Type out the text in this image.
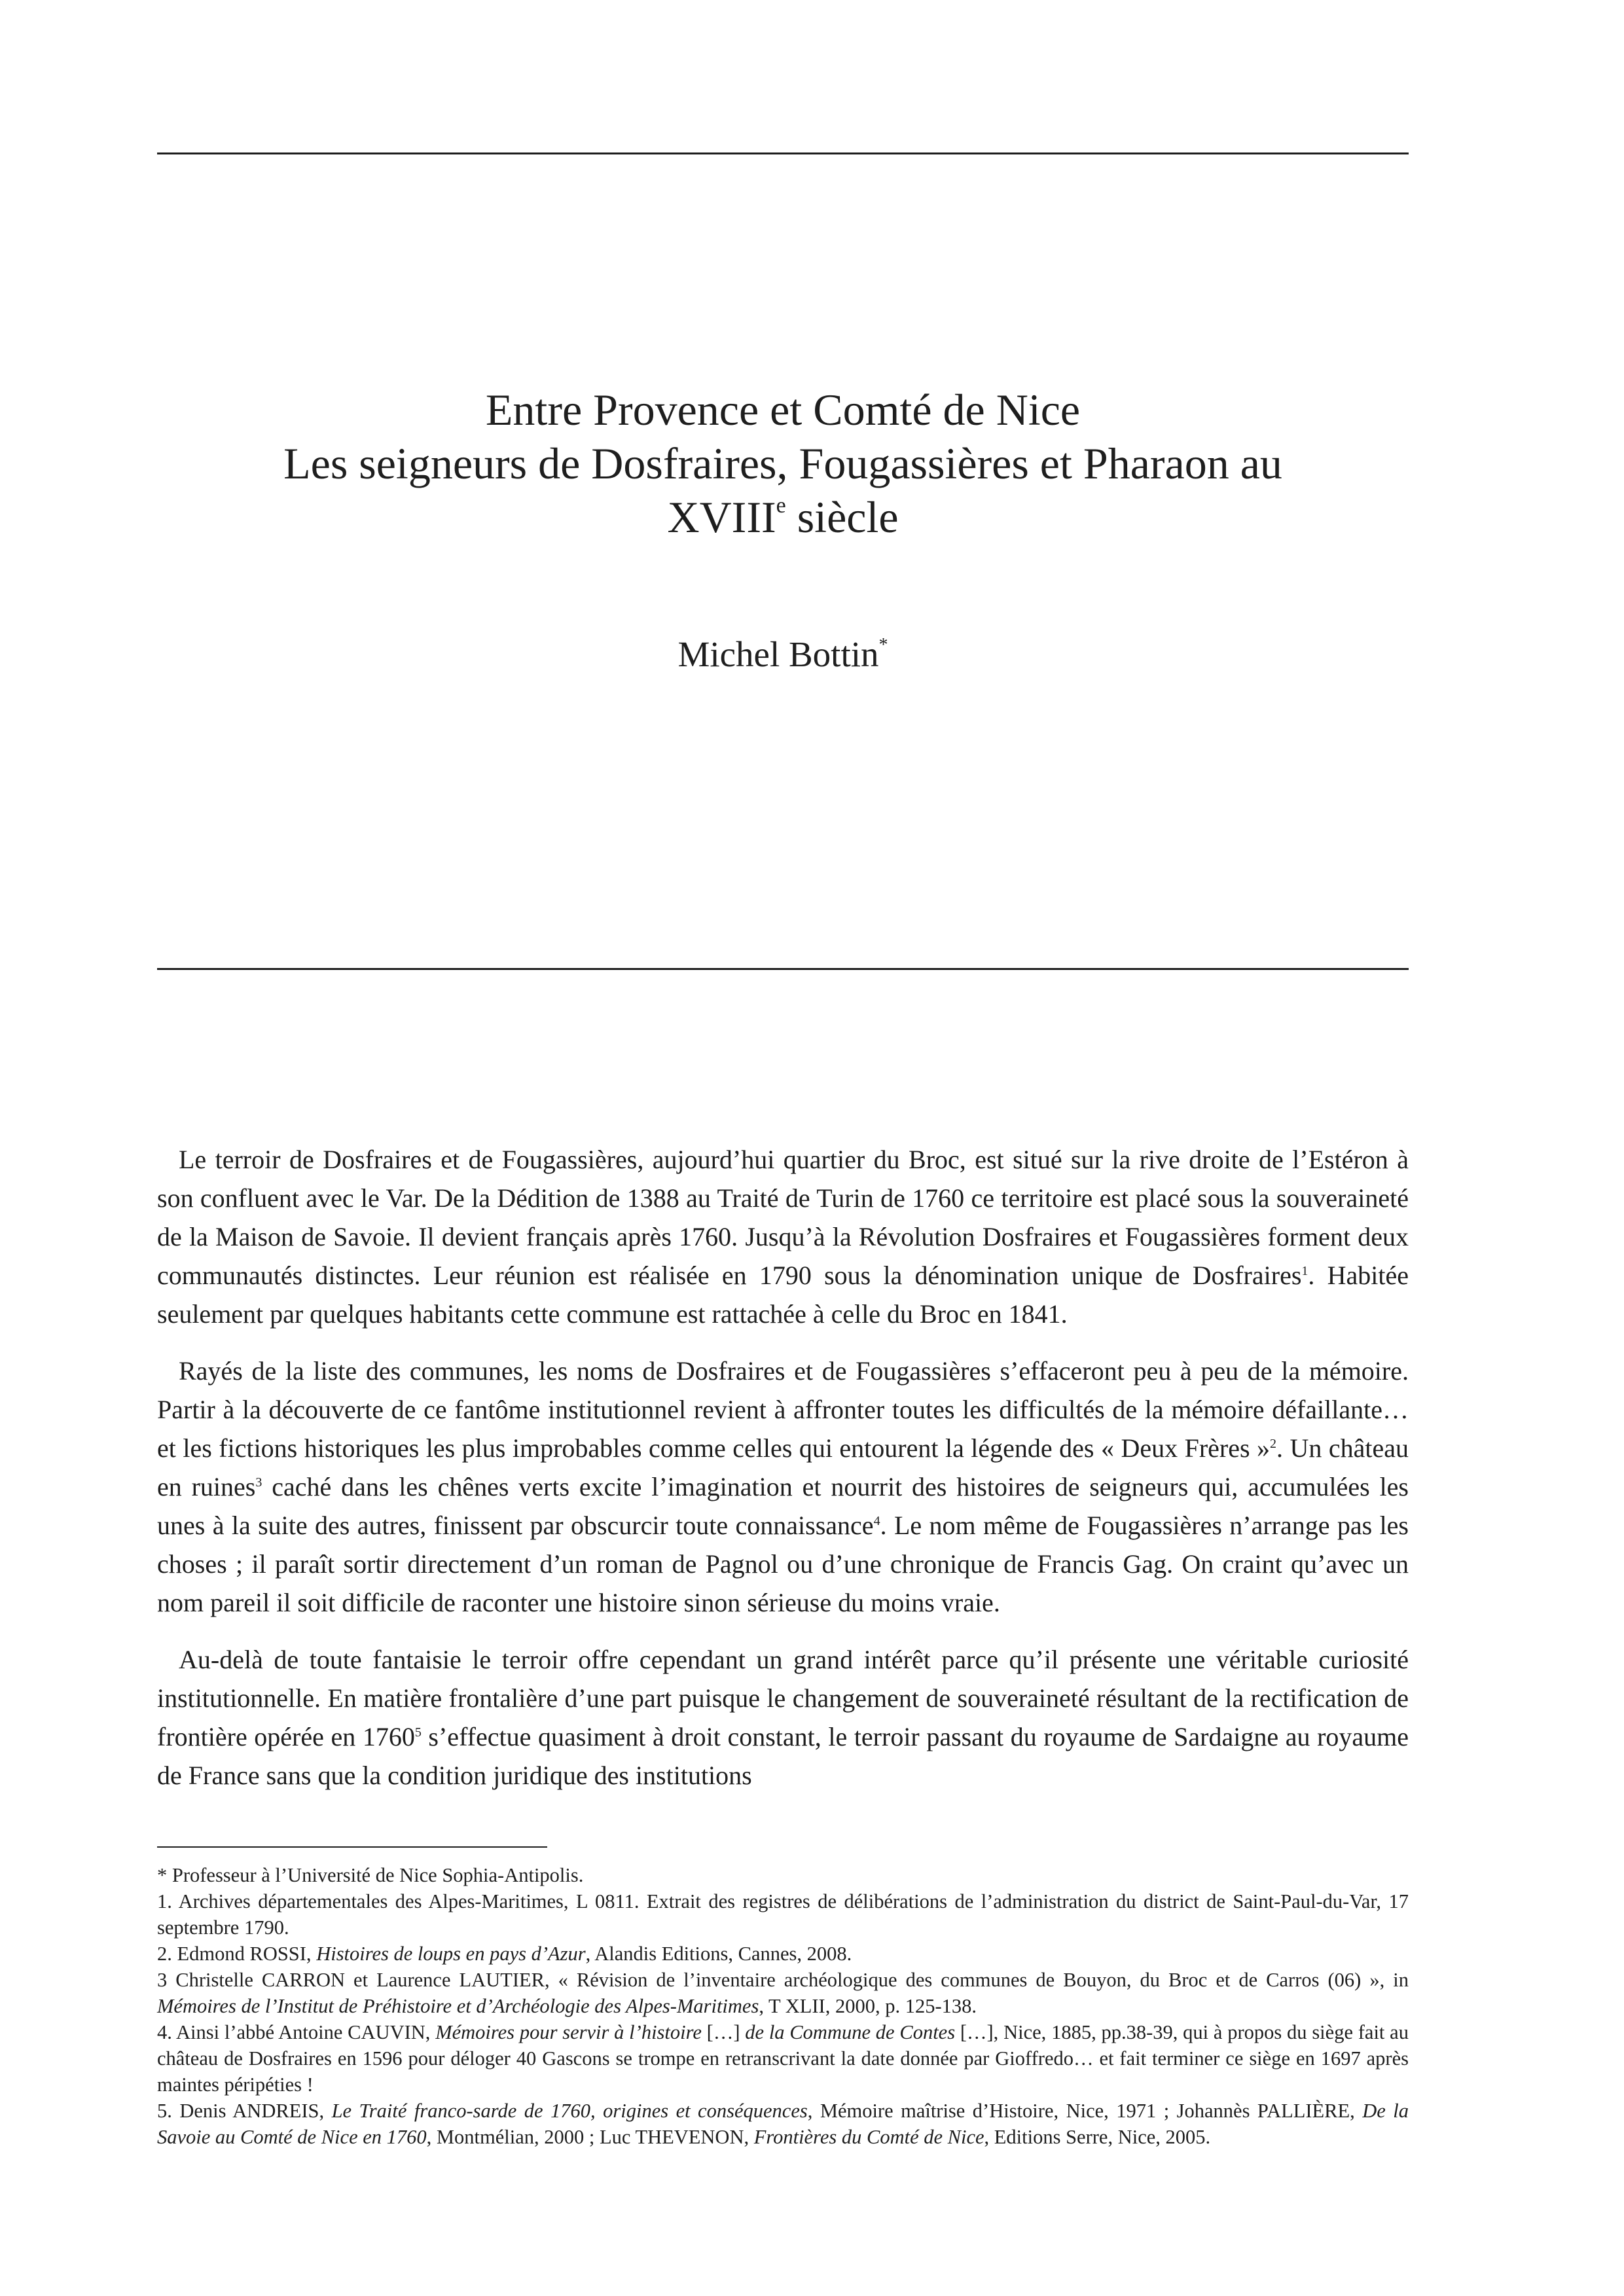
Entre Provence et Comté de Nice
Les seigneurs de Dosfraires, Fougassières et Pharaon au
XVIIIe siècle

Michel Bottin*

Le terroir de Dosfraires et de Fougassières, aujourd’hui quartier du Broc, est situé sur la rive droite de l’Estéron à son confluent avec le Var. De la Dédition de 1388 au Traité de Turin de 1760 ce territoire est placé sous la souveraineté de la Maison de Savoie. Il devient français après 1760. Jusqu’à la Révolution Dosfraires et Fougassières forment deux communautés distinctes. Leur réunion est réalisée en 1790 sous la dénomination unique de Dosfraires$^1$. Habitée seulement par quelques habitants cette commune est rattachée à celle du Broc en 1841.

Rayés de la liste des communes, les noms de Dosfraires et de Fougassières s’effaceront peu à peu de la mémoire. Partir à la découverte de ce fantôme institutionnel revient à affronter toutes les difficultés de la mémoire défaillante… et les fictions historiques les plus improbables comme celles qui entourent la légende des « Deux Frères »$^2$. Un château en ruines$^3$ caché dans les chênes verts excite l’imagination et nourrit des histoires de seigneurs qui, accumulées les unes à la suite des autres, finissent par obscurcir toute connaissance$^4$. Le nom même de Fougassières n’arrange pas les choses ; il paraît sortir directement d’un roman de Pagnol ou d’une chronique de Francis Gag. On craint qu’avec un nom pareil il soit difficile de raconter une histoire sinon sérieuse du moins vraie.

Au-delà de toute fantaisie le terroir offre cependant un grand intérêt parce qu’il présente une véritable curiosité institutionnelle. En matière frontalière d’une part puisque le changement de souveraineté résultant de la rectification de frontière opérée en 1760$^5$ s’effectue quasiment à droit constant, le terroir passant du royaume de Sardaigne au royaume de France sans que la condition juridique des institutions

* Professeur à l’Université de Nice Sophia-Antipolis.

1. Archives départementales des Alpes-Maritimes, L 0811. Extrait des registres de délibérations de l’administration du district de Saint-Paul-du-Var, 17 septembre 1790.

2. Edmond ROSSI, Histoires de loups en pays d’Azur, Alandis Editions, Cannes, 2008.

3 Christelle CARRON et Laurence LAUTIER, « Révision de l’inventaire archéologique des communes de Bouyon, du Broc et de Carros (06) », in Mémoires de l’Institut de Préhistoire et d’Archéologie des Alpes-Maritimes, T XLII, 2000, p. 125-138.

4. Ainsi l’abbé Antoine CAUVIN, Mémoires pour servir à l’histoire […] de la Commune de Contes […], Nice, 1885, pp.38-39, qui à propos du siège fait au château de Dosfraires en 1596 pour déloger 40 Gascons se trompe en retranscrivant la date donnée par Gioffredo… et fait terminer ce siège en 1697 après maintes péripéties !

5. Denis ANDREIS, Le Traité franco-sarde de 1760, origines et conséquences, Mémoire maîtrise d’Histoire, Nice, 1971 ; Johannès PALLIÈRE, De la Savoie au Comté de Nice en 1760, Montmélian, 2000 ; Luc THEVENON, Frontières du Comté de Nice, Editions Serre, Nice, 2005.
